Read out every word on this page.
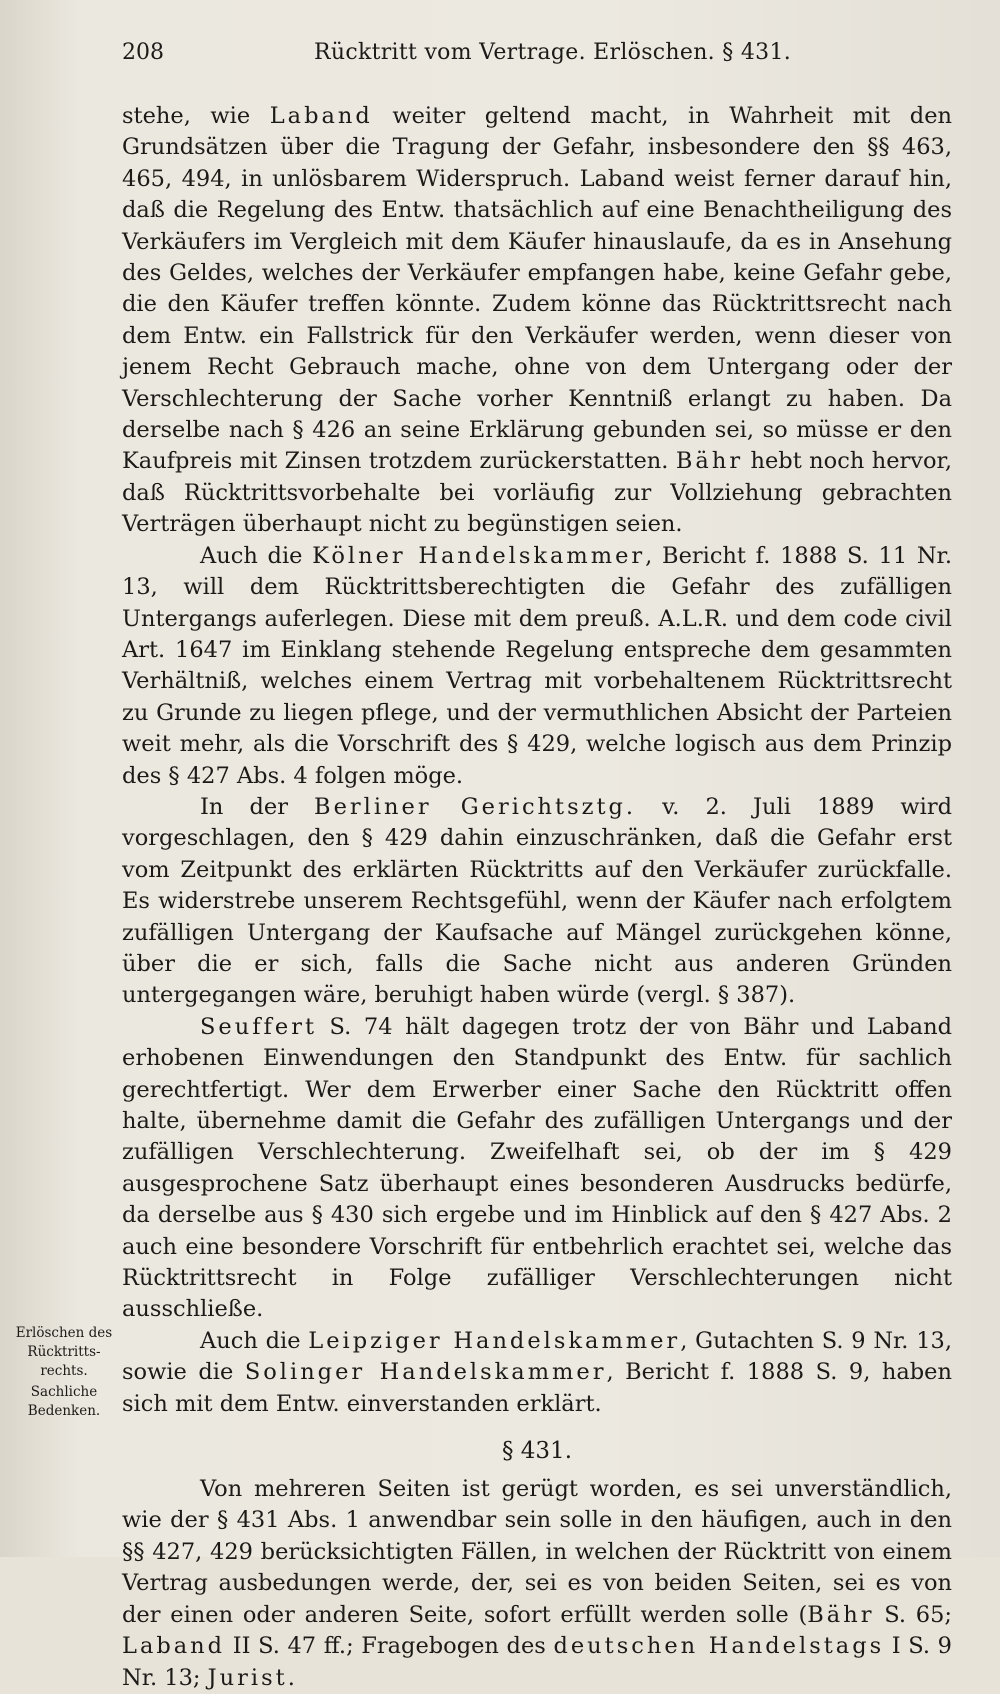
208	Rücktritt vom Vertrage. Erlöschen. § 431.

stehe, wie Laband weiter geltend macht, in Wahrheit mit den Grundsätzen über die Tragung der Gefahr, insbesondere den §§ 463, 465, 494, in unlösbarem Widerspruch. Laband weist ferner darauf hin, daß die Regelung des Entw. thatsächlich auf eine Benachtheiligung des Verkäufers im Vergleich mit dem Käufer hinauslaufe, da es in Ansehung des Geldes, welches der Verkäufer empfangen habe, keine Gefahr gebe, die den Käufer treffen könnte. Zudem könne das Rücktrittsrecht nach dem Entw. ein Fallstrick für den Verkäufer werden, wenn dieser von jenem Recht Gebrauch mache, ohne von dem Untergang oder der Verschlechterung der Sache vorher Kenntniß erlangt zu haben. Da derselbe nach § 426 an seine Erklärung gebunden sei, so müsse er den Kaufpreis mit Zinsen trotzdem zurückerstatten. Bähr hebt noch hervor, daß Rücktrittsvorbehalte bei vorläufig zur Vollziehung gebrachten Verträgen überhaupt nicht zu begünstigen seien.

Auch die Kölner Handelskammer, Bericht f. 1888 S. 11 Nr. 13, will dem Rücktrittsberechtigten die Gefahr des zufälligen Untergangs auferlegen. Diese mit dem preuß. A.L.R. und dem code civil Art. 1647 im Einklang stehende Regelung entspreche dem gesammten Verhältniß, welches einem Vertrag mit vorbehaltenem Rücktrittsrecht zu Grunde zu liegen pflege, und der vermuthlichen Absicht der Parteien weit mehr, als die Vorschrift des § 429, welche logisch aus dem Prinzip des § 427 Abs. 4 folgen möge.

In der Berliner Gerichtsztg. v. 2. Juli 1889 wird vorgeschlagen, den § 429 dahin einzuschränken, daß die Gefahr erst vom Zeitpunkt des erklärten Rücktritts auf den Verkäufer zurückfalle. Es widerstrebe unserem Rechtsgefühl, wenn der Käufer nach erfolgtem zufälligen Untergang der Kaufsache auf Mängel zurückgehen könne, über die er sich, falls die Sache nicht aus anderen Gründen untergegangen wäre, beruhigt haben würde (vergl. § 387).

Seuffert S. 74 hält dagegen trotz der von Bähr und Laband erhobenen Einwendungen den Standpunkt des Entw. für sachlich gerechtfertigt. Wer dem Erwerber einer Sache den Rücktritt offen halte, übernehme damit die Gefahr des zufälligen Untergangs und der zufälligen Verschlechterung. Zweifelhaft sei, ob der im § 429 ausgesprochene Satz überhaupt eines besonderen Ausdrucks bedürfe, da derselbe aus § 430 sich ergebe und im Hinblick auf den § 427 Abs. 2 auch eine besondere Vorschrift für entbehrlich erachtet sei, welche das Rücktrittsrecht in Folge zufälliger Verschlechterungen nicht ausschließe.

Auch die Leipziger Handelskammer, Gutachten S. 9 Nr. 13, sowie die Solinger Handelskammer, Bericht f. 1888 S. 9, haben sich mit dem Entw. einverstanden erklärt.

§ 431.

Von mehreren Seiten ist gerügt worden, es sei unverständlich, wie der § 431 Abs. 1 anwendbar sein solle in den häufigen, auch in den §§ 427, 429 berücksichtigten Fällen, in welchen der Rücktritt von einem Vertrag ausbedungen werde, der, sei es von beiden Seiten, sei es von der einen oder anderen Seite, sofort erfüllt werden solle (Bähr S. 65; Laband II S. 47 ff.; Fragebogen des deutschen Handelstags I S. 9 Nr. 13; Jurist.

Erlöschen des
Rücktritts-
rechts.
Sachliche
Bedenken.
